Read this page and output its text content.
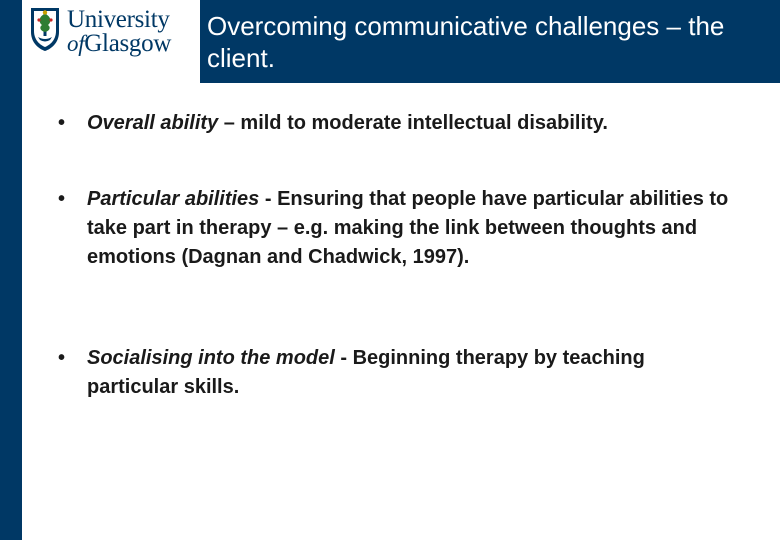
University
ofGlasgow
Overcoming communicative challenges – the client.
•	Overall ability – mild to moderate intellectual disability.
•	Particular abilities - Ensuring that people have particular abilities to take part in therapy – e.g. making the link between thoughts and emotions (Dagnan and Chadwick, 1997).
•	Socialising into the model - Beginning therapy by teaching particular skills.
